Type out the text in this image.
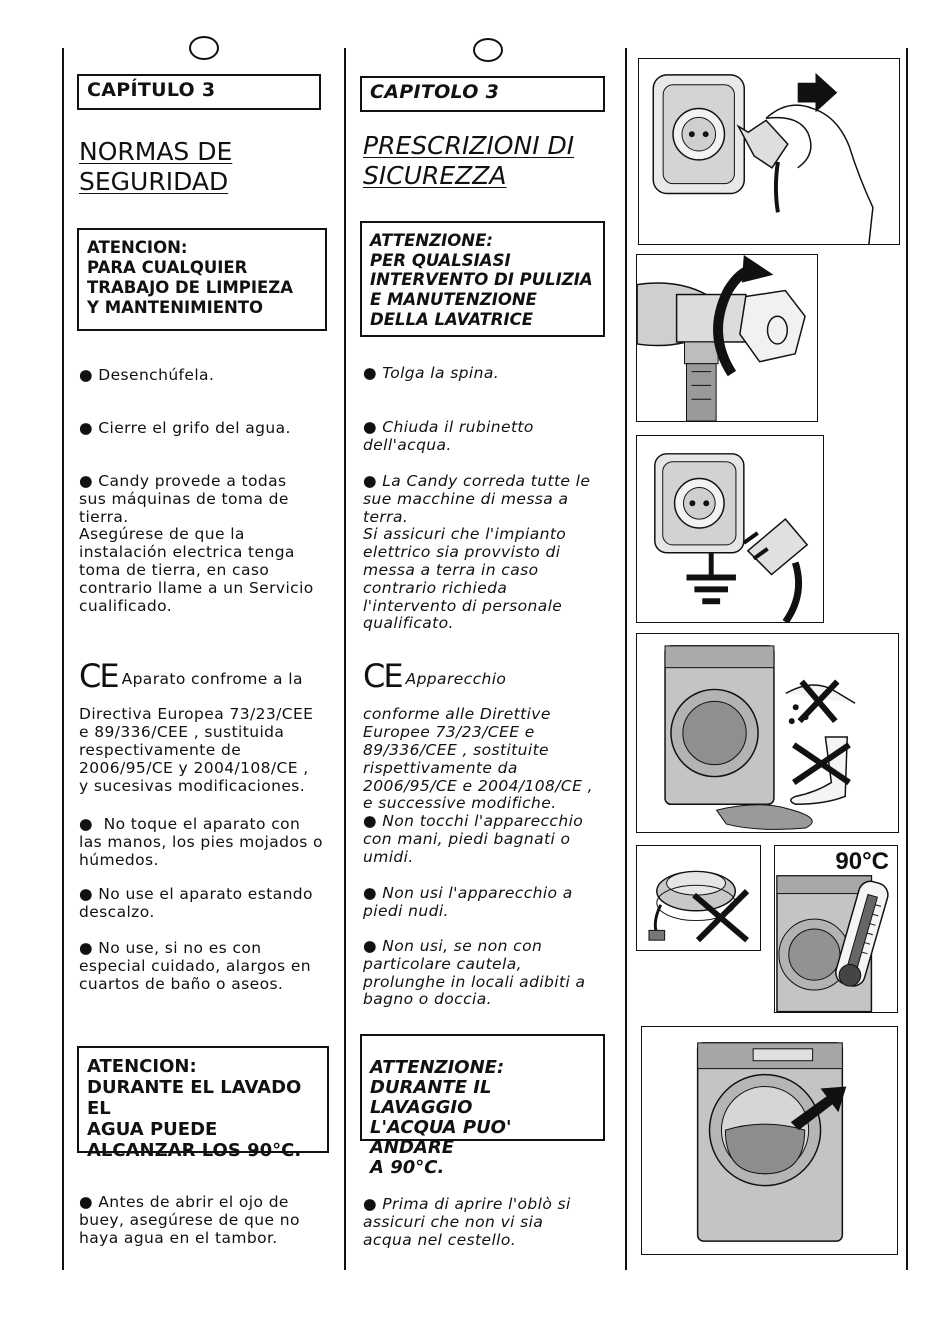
CAPÍTULO 3
NORMAS DE
SEGURIDAD
ATENCION:
PARA CUALQUIER
TRABAJO DE LIMPIEZA
Y MANTENIMIENTO
● Desenchúfela.
● Cierre el grifo del agua.
● Candy provede a todas
sus máquinas de toma de
tierra.
Asegúrese de que la
instalación electrica tenga
toma de tierra, en caso
contrario llame a un Servicio
cualificado.

CE Aparato confrome a la

Directiva Europea 73/23/CEE
e 89/336/CEE , sustituida
respectivamente de
2006/95/CE y 2004/108/CE ,
y sucesivas modificaciones.

●  No toque el aparato con
las manos, los pies mojados o
húmedos.
● No use el aparato estando
descalzo.
● No use, si no es con
especial cuidado, alargos en
cuartos de baño o aseos.
ATENCION:
DURANTE EL LAVADO EL
AGUA PUEDE
ALCANZAR LOS 90°C.
● Antes de abrir el ojo de
buey, asegúrese de que no
haya agua en el tambor.
CAPITOLO 3
PRESCRIZIONI DI
SICUREZZA
ATTENZIONE:
PER QUALSIASI
INTERVENTO DI PULIZIA
E MANUTENZIONE
DELLA LAVATRICE
● Tolga la spina.
● Chiuda il rubinetto
dell'acqua.
● La Candy corredа tutte le
sue macchine di messa a
terra.
Si assicuri che l'impianto
elettrico sia provvisto di
messa a terra in caso
contrario richieda
l'intervento di personale
qualificato.

CE Apparecchio

conforme alle Direttive
Europee 73/23/CEE e
89/336/CEE , sostituite
rispettivamente da
2006/95/CE e 2004/108/CE ,
e successive modifiche.

● Non tocchi l'apparecchio
con mani, piedi bagnati o
umidi.
● Non usi l'apparecchio a
piedi nudi.
● Non usi, se non con
particolare cautela,
prolunghe in locali adibiti a
bagno o doccia.
ATTENZIONE:
DURANTE IL LAVAGGIO
L'ACQUA PUO' ANDARE
A 90°C.
● Prima di aprire l'oblò si
assicuri che non vi sia
acqua nel cestello.
90°C
